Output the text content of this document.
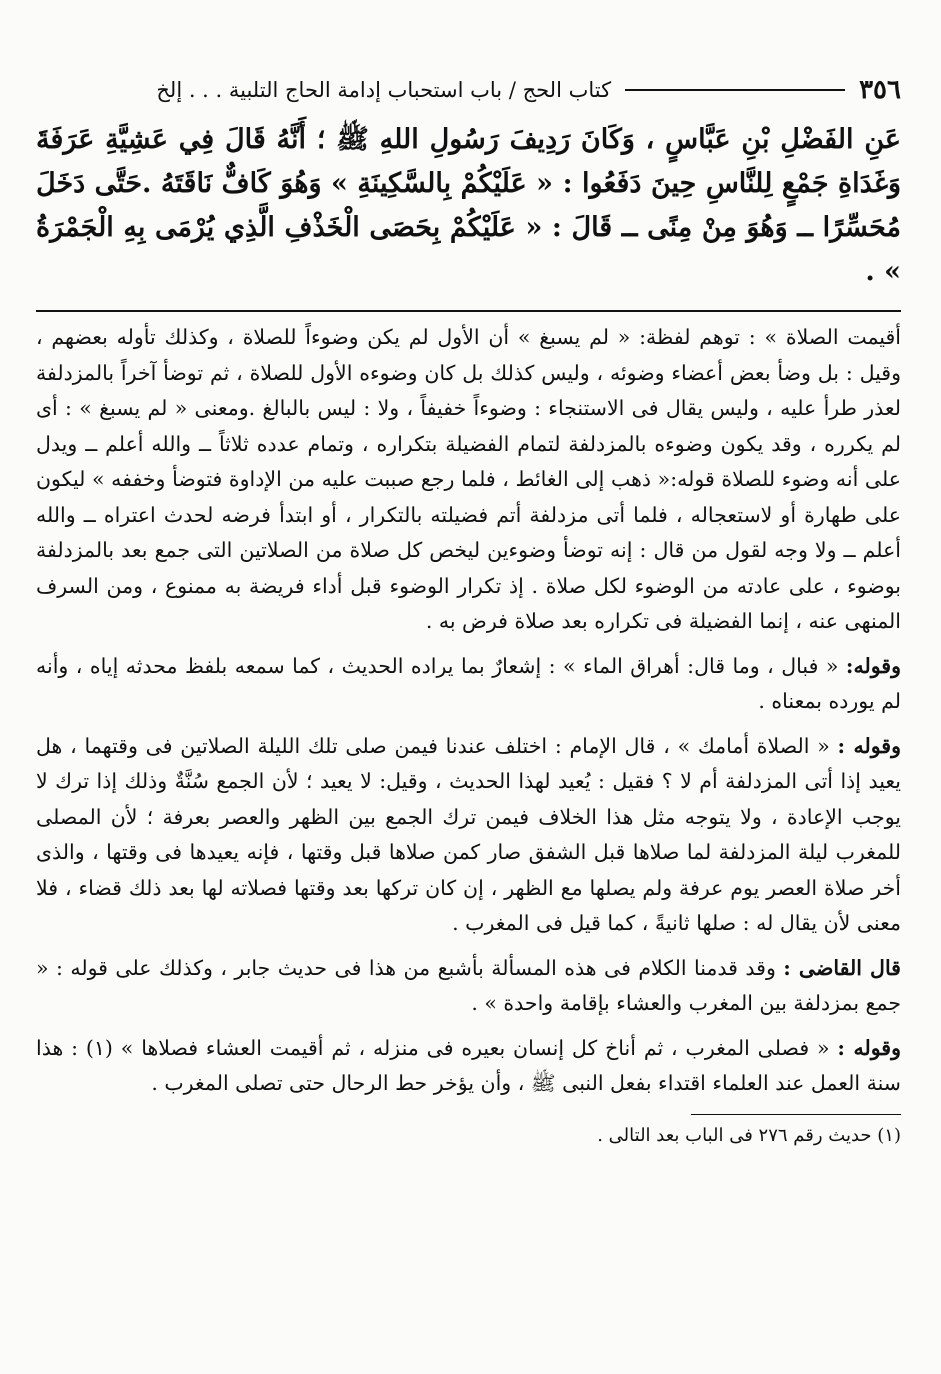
٣٥٦
كتاب الحج / باب استحباب إدامة الحاج التلبية . . . إلخ
عَنِ الفَضْلِ بْنِ عَبَّاسٍ ، وَكَانَ رَدِيفَ رَسُولِ اللهِ ﷺ ؛ أَنَّهُ قَالَ فِي عَشِيَّةِ عَرَفَةَ وَغَدَاةِ جَمْعٍ لِلنَّاسِ حِينَ دَفَعُوا : « عَلَيْكُمْ بِالسَّكِينَةِ » وَهُوَ كَافٌّ نَاقَتَهُ .حَتَّى دَخَلَ مُحَسِّرًا ــ وَهُوَ مِنْ مِنًى ــ قَالَ : « عَلَيْكُمْ بِحَصَى الْخَذْفِ الَّذِي يُرْمَى بِهِ الْجَمْرَةُ » .

أقيمت الصلاة » : توهم لفظة: « لم يسبغ » أن الأول لم يكن وضوءاً للصلاة ، وكذلك تأوله بعضهم ، وقيل : بل وضأ بعض أعضاء وضوئه ، وليس كذلك بل كان وضوءه الأول للصلاة ، ثم توضأ آخراً بالمزدلفة لعذر طرأ عليه ، وليس يقال فى الاستنجاء : وضوءاً خفيفاً ، ولا : ليس بالبالغ .ومعنى « لم يسبغ » : أى لم يكرره ، وقد يكون وضوءه بالمزدلفة لتمام الفضيلة بتكراره ، وتمام عدده ثلاثاً ــ والله أعلم ــ ويدل على أنه وضوء للصلاة قوله:« ذهب إلى الغائط ، فلما رجع صببت عليه من الإداوة فتوضأ وخففه » ليكون على طهارة أو لاستعجاله ، فلما أتى مزدلفة أتم فضيلته بالتكرار ، أو ابتدأ فرضه لحدث اعتراه ــ والله أعلم ــ ولا وجه لقول من قال : إنه توضأ وضوءين ليخص كل صلاة من الصلاتين التى جمع بعد بالمزدلفة بوضوء ، على عادته من الوضوء لكل صلاة . إذ تكرار الوضوء قبل أداء فريضة به ممنوع ، ومن السرف المنهى عنه ، إنما الفضيلة فى تكراره بعد صلاة فرض به .

وقوله: « فبال ، وما قال: أهراق الماء » : إشعارٌ بما يراده الحديث ، كما سمعه بلفظ محدثه إياه ، وأنه لم يورده بمعناه .

وقوله : « الصلاة أمامك » ، قال الإمام : اختلف عندنا فيمن صلى تلك الليلة الصلاتين فى وقتهما ، هل يعيد إذا أتى المزدلفة أم لا ؟ فقيل : يُعيد لهذا الحديث ، وقيل: لا يعيد ؛ لأن الجمع سُنَّةٌ وذلك إذا ترك لا يوجب الإعادة ، ولا يتوجه مثل هذا الخلاف فيمن ترك الجمع بين الظهر والعصر بعرفة ؛ لأن المصلى للمغرب ليلة المزدلفة لما صلاها قبل الشفق صار كمن صلاها قبل وقتها ، فإنه يعيدها فى وقتها ، والذى أخر صلاة العصر يوم عرفة ولم يصلها مع الظهر ، إن كان تركها بعد وقتها فصلاته لها بعد ذلك قضاء ، فلا معنى لأن يقال له : صلها ثانيةً ، كما قيل فى المغرب .

قال القاضى : وقد قدمنا الكلام فى هذه المسألة بأشبع من هذا فى حديث جابر ، وكذلك على قوله : « جمع بمزدلفة بين المغرب والعشاء بإقامة واحدة » .

وقوله : « فصلى المغرب ، ثم أناخ كل إنسان بعيره فى منزله ، ثم أقيمت العشاء فصلاها » (١) : هذا سنة العمل عند العلماء اقتداء بفعل النبى ﷺ ، وأن يؤخر حط الرحال حتى تصلى المغرب .

(١) حديث رقم ٢٧٦ فى الباب بعد التالى .
